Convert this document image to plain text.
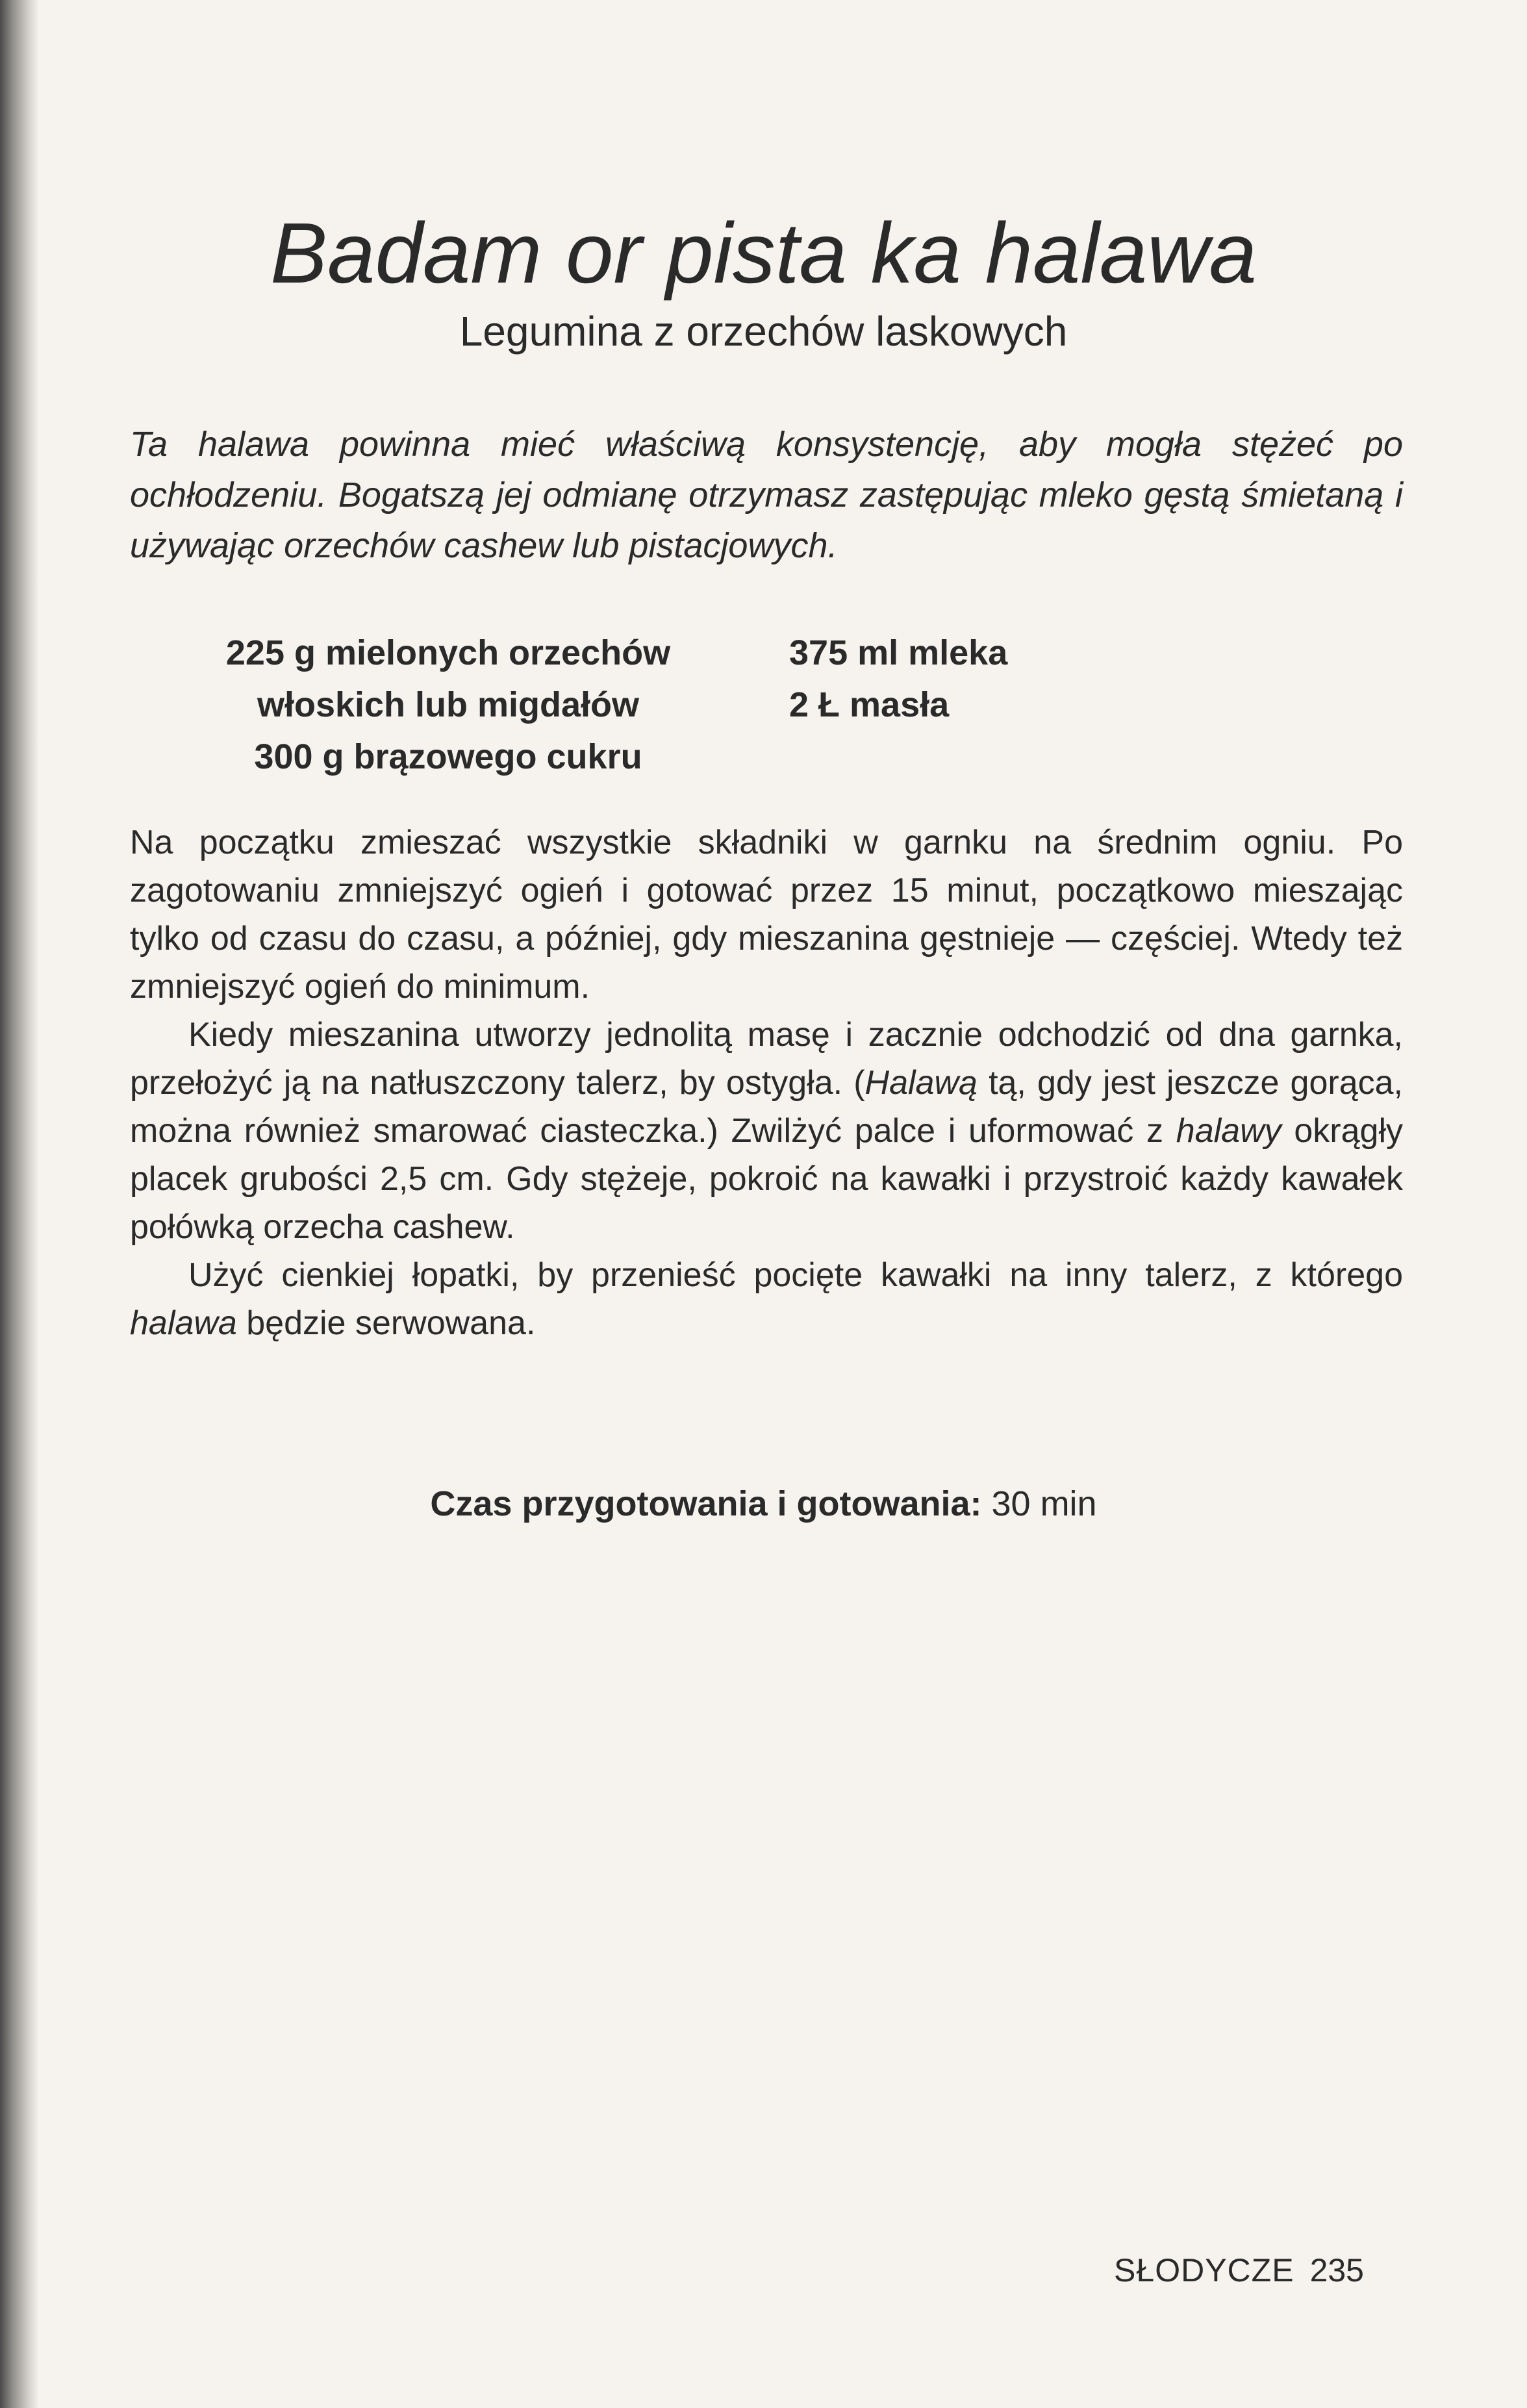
Badam or pista ka halawa
Legumina z orzechów laskowych
Ta halawa powinna mieć właściwą konsystencję, aby mogła stężeć po ochłodzeniu. Bogatszą jej odmianę otrzymasz zastępując mleko gęstą śmietaną i używając orzechów cashew lub pistacjowych.
225 g mielonych orzechów
włoskich lub migdałów
300 g brązowego cukru
375 ml mleka
2 Ł masła

Na początku zmieszać wszystkie składniki w garnku na średnim ogniu. Po zagotowaniu zmniejszyć ogień i gotować przez 15 minut, początkowo mieszając tylko od czasu do czasu, a później, gdy mieszanina gęstnieje — częściej. Wtedy też zmniejszyć ogień do minimum.

Kiedy mieszanina utworzy jednolitą masę i zacznie odchodzić od dna garnka, przełożyć ją na natłuszczony talerz, by ostygła. (Halawą tą, gdy jest jeszcze gorąca, można również smarować ciasteczka.) Zwilżyć palce i uformować z halawy okrągły placek grubości 2,5 cm. Gdy stężeje, pokroić na kawałki i przystroić każdy kawałek połówką orzecha cashew.

Użyć cienkiej łopatki, by przenieść pocięte kawałki na inny talerz, z którego halawa będzie serwowana.

Czas przygotowania i gotowania: 30 min
SŁODYCZE 235
